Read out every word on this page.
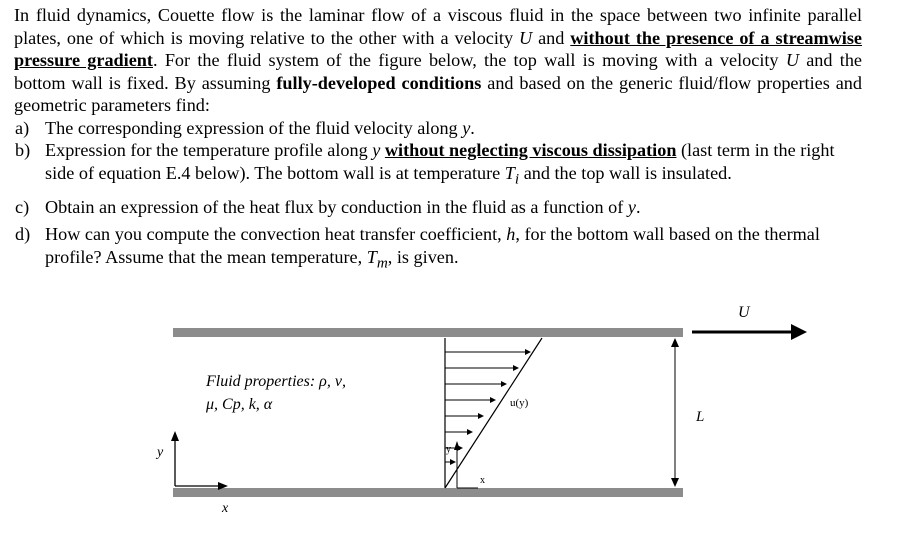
In fluid dynamics, Couette flow is the laminar flow of a viscous fluid in the space between two infinite parallel plates, one of which is moving relative to the other with a velocity U and without the presence of a streamwise pressure gradient. For the fluid system of the figure below, the top wall is moving with a velocity U and the bottom wall is fixed. By assuming fully-developed conditions and based on the generic fluid/flow properties and geometric parameters find:

a) The corresponding expression of the fluid velocity along y.

b) Expression for the temperature profile along y without neglecting viscous dissipation (last term in the right side of equation E.4 below). The bottom wall is at temperature $T_i$ and the top wall is insulated.

c) Obtain an expression of the heat flux by conduction in the fluid as a function of y.

d) How can you compute the convection heat transfer coefficient, h, for the bottom wall based on the thermal profile? Assume that the mean temperature, $T_m$, is given.

U
L
Fluid properties: ρ, ν,
μ, Cp, k, α
y
x
u(y)
y
x
